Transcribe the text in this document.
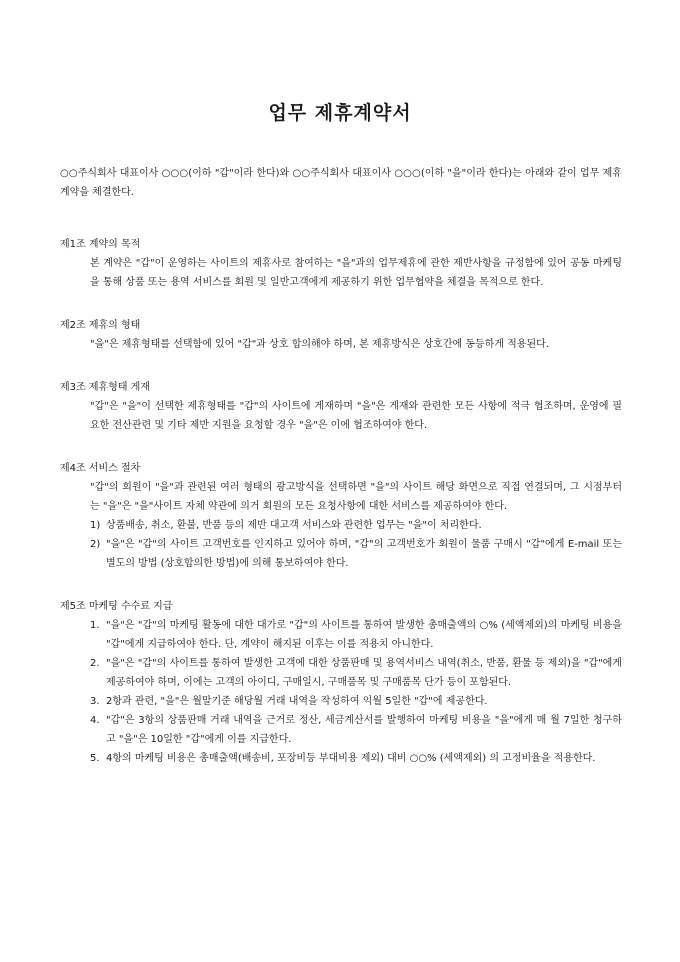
업무 제휴계약서

○○주식회사 대표이사 ○○○(이하 "갑"이라 한다)와 ○○주식회사 대표이사 ○○○(이하 "을"이라 한다)는 아래와 같이 업무 제휴계약을 체결한다.

제1조 계약의 목적

본 계약은 "갑"이 운영하는 사이트의 제휴사로 참여하는 "을"과의 업무제휴에 관한 제반사항을 규정함에 있어 공동 마케팅을 통해 상품 또는 용역 서비스를 회원 및 일반고객에게 제공하기 위한 업무협약을 체결을 목적으로 한다.

제2조 제휴의 형태

"을"은 제휴형태를 선택함에 있어 "갑"과 상호 합의해야 하며, 본 제휴방식은 상호간에 동등하게 적용된다.

제3조 제휴형태 게재

"갑"은 "을"이 선택한 제휴형태를 "갑"의 사이트에 게재하며 "을"은 게재와 관련한 모든 사항에 적극 협조하며, 운영에 필요한 전산관련 및 기타 제반 지원을 요청할 경우 "을"은 이에 협조하여야 한다.

제4조 서비스 절차

"갑"의 회원이 "을"과 관련된 여러 형태의 광고방식을 선택하면 "을"의 사이트 해당 화면으로 직접 연결되며, 그 시점부터는 "을"은 "을"사이트 자체 약관에 의거 회원의 모든 요청사항에 대한 서비스를 제공하여야 한다.

1) 상품배송, 취소, 환불, 반품 등의 제반 대고객 서비스와 관련한 업무는 "을"이 처리한다.
2) "을"은 "갑"의 사이트 고객번호를 인지하고 있어야 하며, "갑"의 고객번호가 회원이 물품 구매시 "갑"에게 E-mail 또는 별도의 방법 (상호합의한 방법)에 의해 통보하여야 한다.

제5조 마케팅 수수료 지급

1. "을"은 "갑"의 마케팅 활동에 대한 대가로 "갑"의 사이트를 통하여 발생한 총매출액의 ○% (세액제외)의 마케팅 비용을 "갑"에게 지급하여야 한다. 단, 계약이 해지된 이후는 이를 적용치 아니한다.
2. "을"은 "갑"의 사이트를 통하여 발생한 고객에 대한 상품판매 및 용역서비스 내역(취소, 반품, 환물 등 제외)을 "갑"에게 제공하여야 하며, 이에는 고객의 아이디, 구매일시, 구매품목 및 구매품목 단가 등이 포함된다.
3. 2항과 관련, "을"은 월말기준 해당월 거래 내역을 작성하여 익월 5일한 "갑"에 제공한다.
4. "갑"은 3항의 상품판매 거래 내역을 근거로 정산, 세금계산서를 발행하여 마케팅 비용을 "을"에게 매 월 7일한 청구하고 "을"은 10일한 "갑"에게 이를 지급한다.
5. 4항의 마케팅 비용은 총매출액(배송비, 포장비등 부대비용 제외) 대비 ○○% (세액제외) 의 고정비율을 적용한다.
